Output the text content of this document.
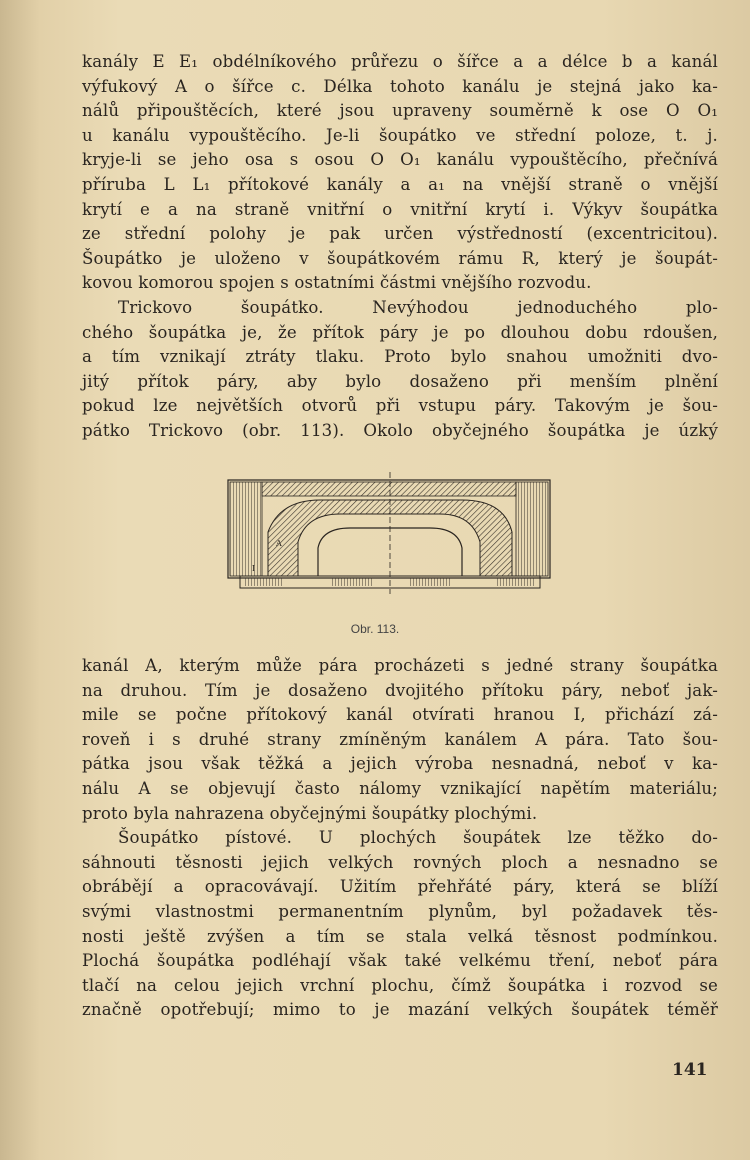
kanály E E₁ obdélníkového průřezu o šířce a a délce b a kanál
výfukový A o šířce c. Délka tohoto kanálu je stejná jako ka-
nálů připouštěcích, které jsou upraveny souměrně k ose O O₁
u kanálu vypouštěcího. Je-li šoupátko ve střední poloze, t. j.
kryje-li se jeho osa s osou O O₁ kanálu vypouštěcího, přečnívá
příruba L L₁ přítokové kanály a a₁ na vnější straně o vnější
krytí e a na straně vnitřní o vnitřní krytí i. Výkyv šoupátka
ze střední polohy je pak určen výstředností (excentricitou).
Šoupátko je uloženo v šoupátkovém rámu R, který je šoupát-
kovou komorou spojen s ostatními částmi vnějšího rozvodu.
Trickovo šoupátko. Nevýhodou jednoduchého plo-
chého šoupátka je, že přítok páry je po dlouhou dobu rdoušen,
a tím vznikají ztráty tlaku. Proto bylo snahou umožniti dvo-
jitý přítok páry, aby bylo dosaženo při menším plnění
pokud lze největších otvorů při vstupu páry. Takovým je šou-
pátko Trickovo (obr. 113). Okolo obyčejného šoupátka je úzký
A
I
Obr. 113.
kanál A, kterým může pára procházeti s jedné strany šoupátka
na druhou. Tím je dosaženo dvojitého přítoku páry, neboť jak-
mile se počne přítokový kanál otvírati hranou I, přichází zá-
roveň i s druhé strany zmíněným kanálem A pára. Tato šou-
pátka jsou však těžká a jejich výroba nesnadná, neboť v ka-
nálu A se objevují často nálomy vznikající napětím materiálu;
proto byla nahrazena obyčejnými šoupátky plochými.
Šoupátko pístové. U plochých šoupátek lze těžko do-
sáhnouti těsnosti jejich velkých rovných ploch a nesnadno se
obrábějí a opracovávají. Užitím přehřáté páry, která se blíží
svými vlastnostmi permanentním plynům, byl požadavek těs-
nosti ještě zvýšen a tím se stala velká těsnost podmínkou.
Plochá šoupátka podléhají však také velkému tření, neboť pára
tlačí na celou jejich vrchní plochu, čímž šoupátka i rozvod se
značně opotřebují; mimo to je mazání velkých šoupátek téměř
141
